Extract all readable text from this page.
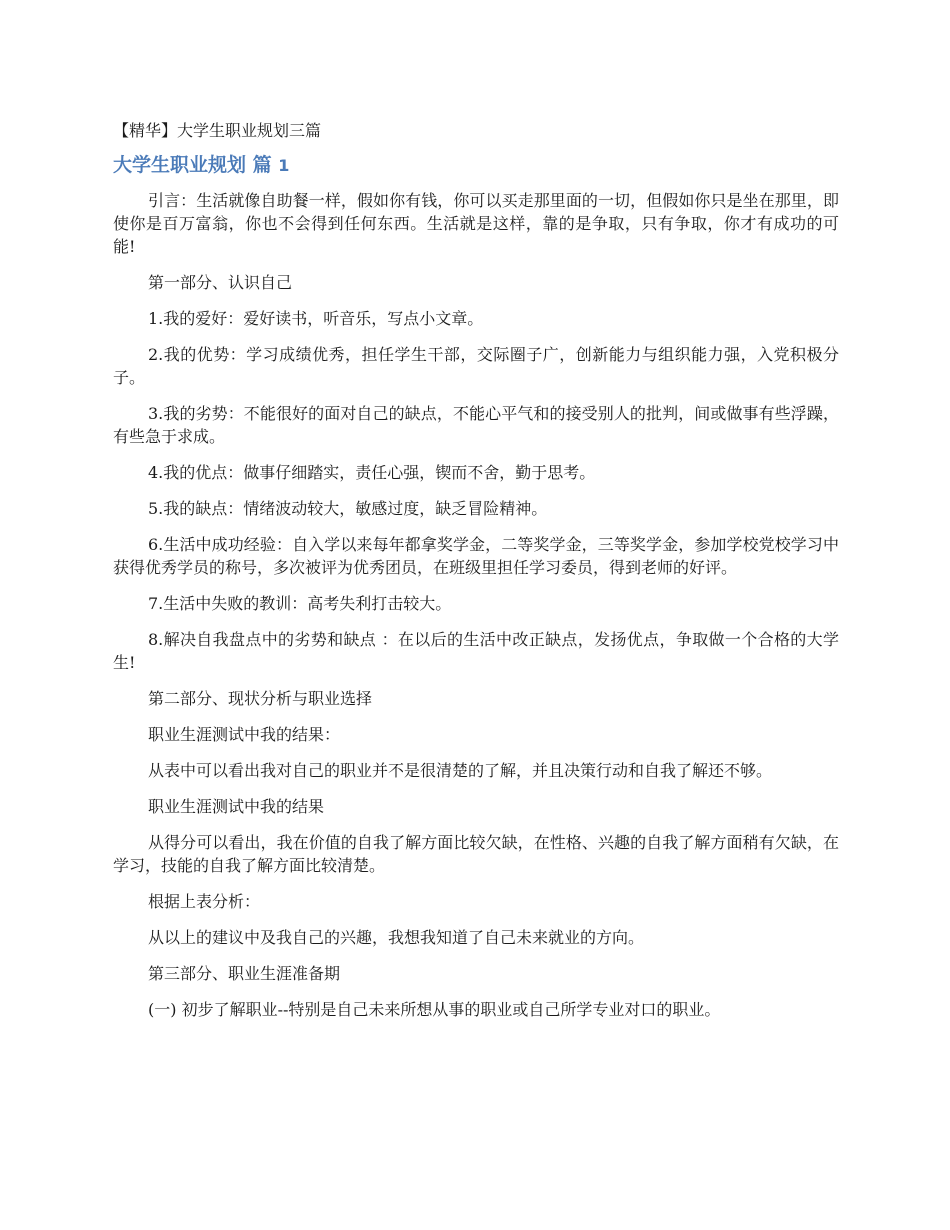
【精华】大学生职业规划三篇
大学生职业规划 篇 1

引言：生活就像自助餐一样，假如你有钱，你可以买走那里面的一切，但假如你只是坐在那里，即使你是百万富翁，你也不会得到任何东西。生活就是这样，靠的是争取，只有争取，你才有成功的可能!

第一部分、认识自己

1.我的爱好：爱好读书，听音乐，写点小文章。

2.我的优势：学习成绩优秀，担任学生干部，交际圈子广，创新能力与组织能力强，入党积极分子。

3.我的劣势：不能很好的面对自己的缺点，不能心平气和的接受别人的批判，间或做事有些浮躁，有些急于求成。

4.我的优点：做事仔细踏实，责任心强，锲而不舍，勤于思考。

5.我的缺点：情绪波动较大，敏感过度，缺乏冒险精神。

6.生活中成功经验：自入学以来每年都拿奖学金，二等奖学金，三等奖学金，参加学校党校学习中获得优秀学员的称号，多次被评为优秀团员，在班级里担任学习委员，得到老师的好评。

7.生活中失败的教训：高考失利打击较大。

8.解决自我盘点中的劣势和缺点 ：在以后的生活中改正缺点，发扬优点，争取做一个合格的大学生!

第二部分、现状分析与职业选择

职业生涯测试中我的结果：

从表中可以看出我对自己的职业并不是很清楚的了解，并且决策行动和自我了解还不够。

职业生涯测试中我的结果

从得分可以看出，我在价值的自我了解方面比较欠缺，在性格、兴趣的自我了解方面稍有欠缺，在学习，技能的自我了解方面比较清楚。

根据上表分析：

从以上的建议中及我自己的兴趣，我想我知道了自己未来就业的方向。

第三部分、职业生涯准备期

(一) 初步了解职业--特别是自己未来所想从事的职业或自己所学专业对口的职业。
